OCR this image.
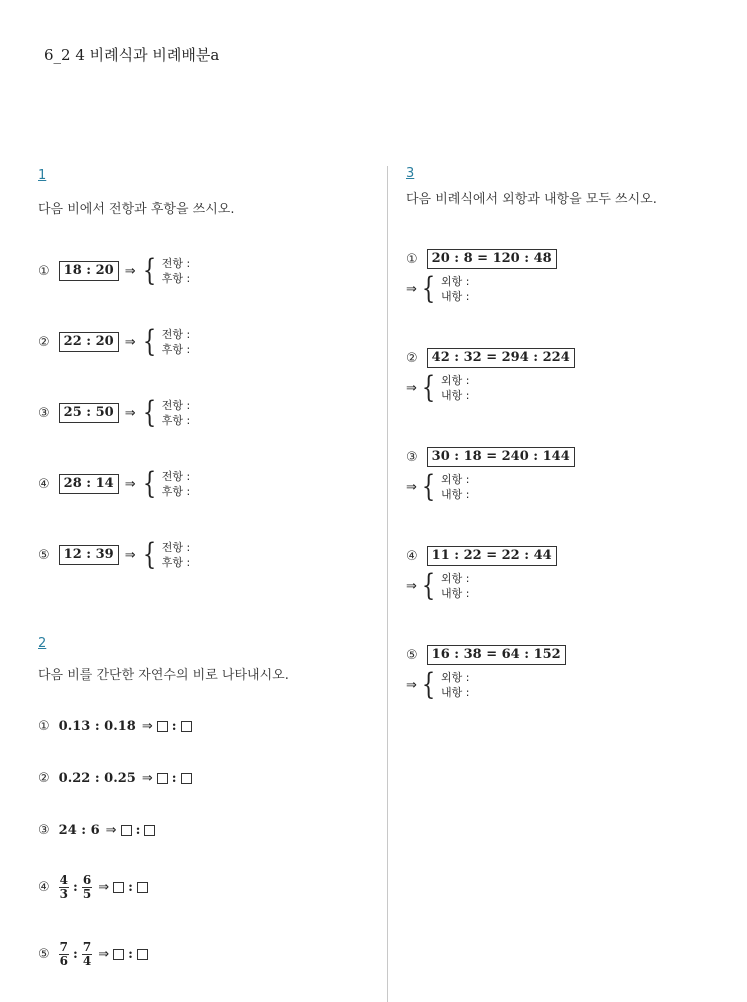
6_2 4 비례식과 비례배분a
1
다음 비에서 전항과 후항을 쓰시오.
①	18 : 20 ⇒ { 전항 :
후항 :
②	22 : 20 ⇒ { 전항 :
후항 :
③	25 : 50 ⇒ { 전항 :
후항 :
④	28 : 14 ⇒ { 전항 :
후항 :
⑤	12 : 39 ⇒ { 전항 :
후항 :
2
다음 비를 간단한 자연수의 비로 나타내시오.
① 0.13 : 0.18 ⇒ :
② 0.22 : 0.25 ⇒ :
③ 24 : 6 ⇒ :
④ $\frac{4}{3}$ : $\frac{6}{5}$ ⇒ :
⑤ $\frac{7}{6}$ : $\frac{7}{4}$ ⇒ :
3
다음 비례식에서 외항과 내항을 모두 쓰시오.
①	20 : 8 = 120 : 48
⇒ { 외항 :
내항 :
②	42 : 32 = 294 : 224
⇒ { 외항 :
내항 :
③	30 : 18 = 240 : 144
⇒ { 외항 :
내항 :
④	11 : 22 = 22 : 44
⇒ { 외항 :
내항 :
⑤	16 : 38 = 64 : 152
⇒ { 외항 :
내항 :
